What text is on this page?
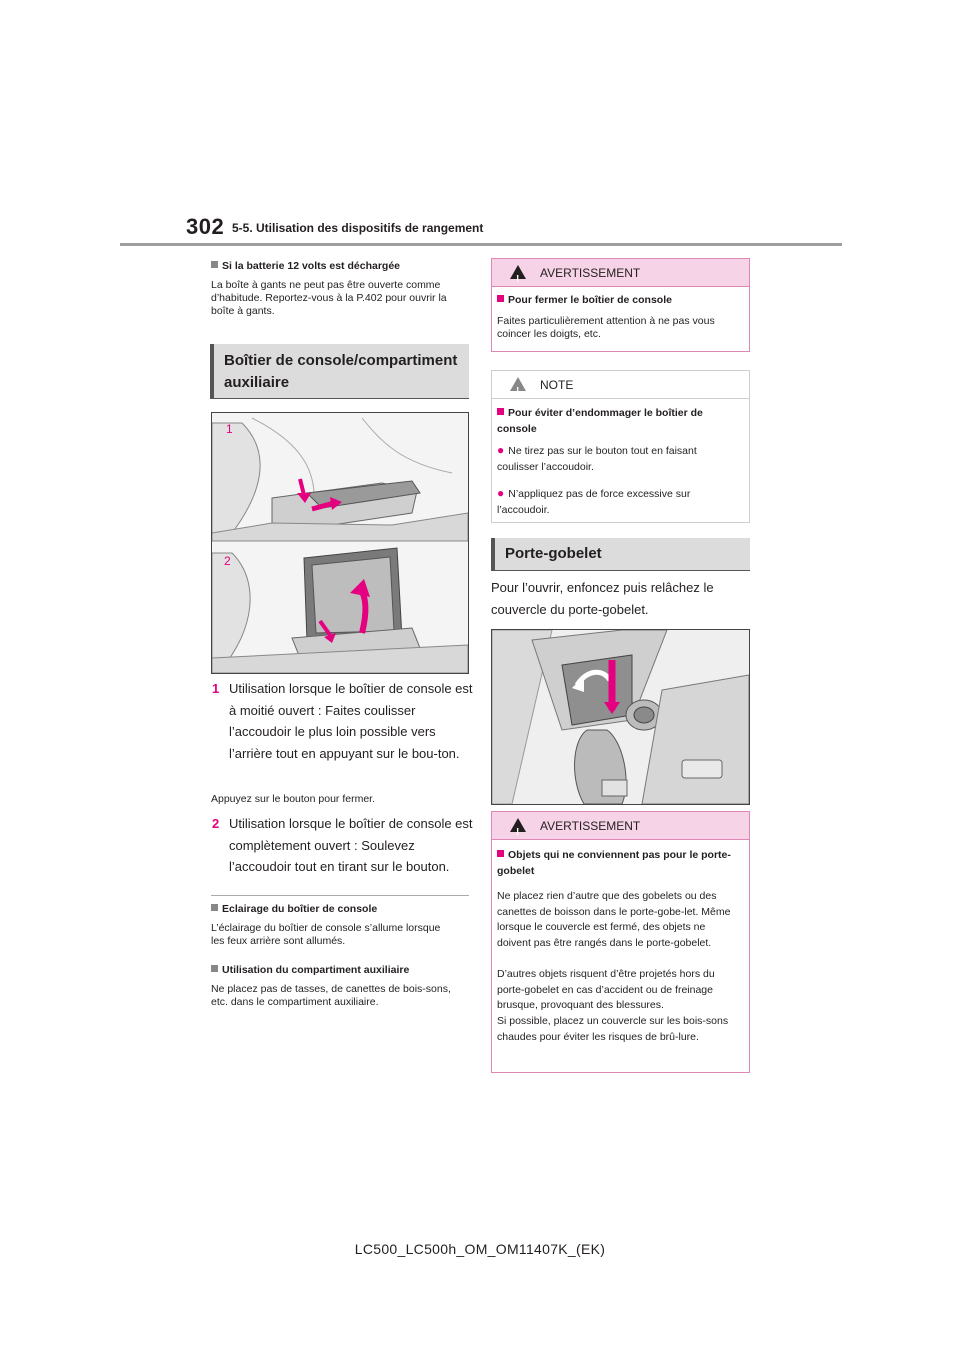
302 5-5. Utilisation des dispositifs de rangement
Si la batterie 12 volts est déchargée
La boîte à gants ne peut pas être ouverte comme d’habitude. Reportez-vous à la P.402 pour ouvrir la boîte à gants.
Boîtier de console/compartiment auxiliaire
1
2
1 Utilisation lorsque le boîtier de console est à moitié ouvert : Faites coulisser l’accoudoir le plus loin possible vers l’arrière tout en appuyant sur le bou-ton.
Appuyez sur le bouton pour fermer.
2 Utilisation lorsque le boîtier de console est complètement ouvert : Soulevez l’accoudoir tout en tirant sur le bouton.
Eclairage du boîtier de console
L’éclairage du boîtier de console s’allume lorsque les feux arrière sont allumés.
Utilisation du compartiment auxiliaire
Ne placez pas de tasses, de canettes de bois-sons, etc. dans le compartiment auxiliaire.
!
AVERTISSEMENT
Pour fermer le boîtier de console
Faites particulièrement attention à ne pas vous coincer les doigts, etc.
!
NOTE
Pour éviter d’endommager le boîtier de console
● Ne tirez pas sur le bouton tout en faisant coulisser l’accoudoir.
● N’appliquez pas de force excessive sur l’accoudoir.
Porte-gobelet
Pour l’ouvrir, enfoncez puis relâchez le couvercle du porte-gobelet.
!
AVERTISSEMENT
Objets qui ne conviennent pas pour le porte-gobelet
Ne placez rien d’autre que des gobelets ou des canettes de boisson dans le porte-gobe-let. Même lorsque le couvercle est fermé, des objets ne doivent pas être rangés dans le porte-gobelet.
D’autres objets risquent d’être projetés hors du porte-gobelet en cas d’accident ou de freinage brusque, provoquant des blessures.
Si possible, placez un couvercle sur les bois-sons chaudes pour éviter les risques de brû-lure.
LC500_LC500h_OM_OM11407K_(EK)
